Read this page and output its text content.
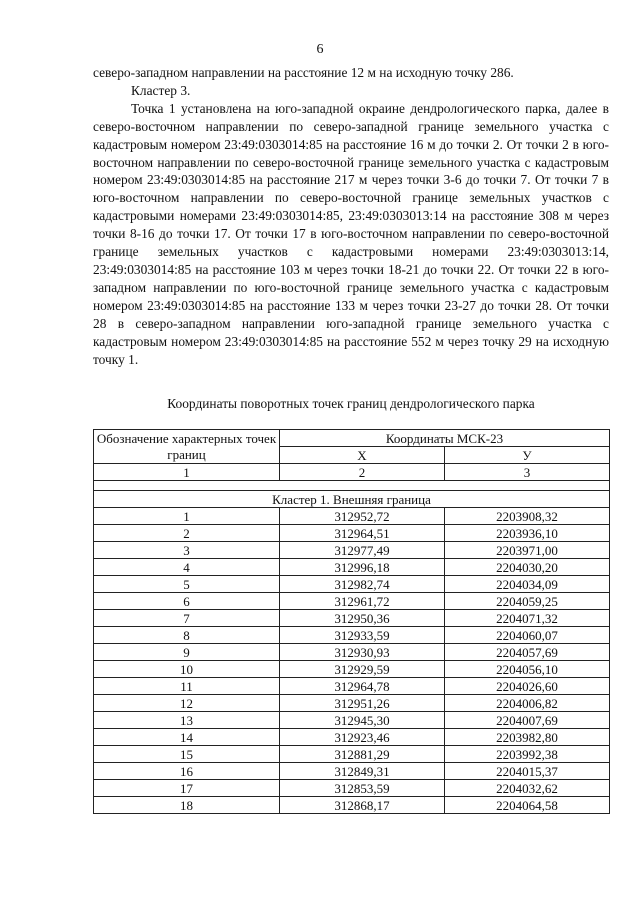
6

северо-западном направлении на расстояние 12 м на исходную точку 286.

Кластер 3.

Точка 1 установлена на юго-западной окраине дендрологического парка, далее в северо-восточном направлении по северо-западной границе земельного участка с кадастровым номером 23:49:0303014:85 на расстояние 16 м до точки 2. От точки 2 в юго-восточном направлении по северо-восточной границе земельного участка с кадастровым номером 23:49:0303014:85 на расстояние 217 м через точки 3-6 до точки 7. От точки 7 в юго-восточном направлении по северо-восточной границе земельных участков с кадастровыми номерами 23:49:0303014:85, 23:49:0303013:14 на расстояние 308 м через точки 8-16 до точки 17. От точки 17 в юго-восточном направлении по северо-восточной границе земельных участков с кадастровыми номерами 23:49:0303013:14, 23:49:0303014:85 на расстояние 103 м через точки 18-21 до точки 22. От точки 22 в юго-западном направлении по юго-восточной границе земельного участка с кадастровым номером 23:49:0303014:85 на расстояние 133 м через точки 23-27 до точки 28. От точки 28 в северо-западном направлении юго-западной границе земельного участка с кадастровым номером 23:49:0303014:85 на расстояние 552 м через точку 29 на исходную точку 1.

Координаты поворотных точек границ дендрологического парка
Обозначение характерных точек границ	Координаты МСК-23	
	Х	У
1	2	3

Кластер 1. Внешняя граница		
1	312952,72	2203908,32
2	312964,51	2203936,10
3	312977,49	2203971,00
4	312996,18	2204030,20
5	312982,74	2204034,09
6	312961,72	2204059,25
7	312950,36	2204071,32
8	312933,59	2204060,07
9	312930,93	2204057,69
10	312929,59	2204056,10
11	312964,78	2204026,60
12	312951,26	2204006,82
13	312945,30	2204007,69
14	312923,46	2203982,80
15	312881,29	2203992,38
16	312849,31	2204015,37
17	312853,59	2204032,62
18	312868,17	2204064,58
